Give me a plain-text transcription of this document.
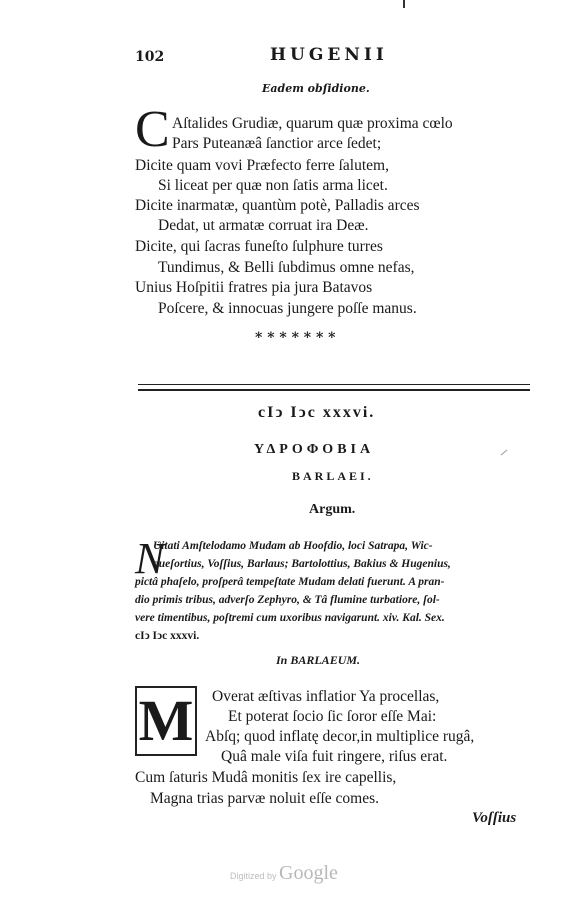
102	HUGENII
Eadem obſidione.
C Aſtalides Grudiæ, quarum quæ proxima cœlo
Pars Puteanæâ ſanctior arce ſedet;
Dicite quam vovi Præfecto ferre ſalutem,
Si liceat per quæ non ſatis arma licet.
Dicite inarmatæ, quantùm potè, Palladis arces
Dedat, ut armatæ corruat ira Deæ.
Dicite, qui ſacras funeſto ſulphure turres
Tundimus, & Belli ſubdimus omne nefas,
Unius Hoſpitii fratres pia jura Batavos
Poſcere, & innocuas jungere poſſe manus.
* * * * * * *
cIↄ Iↄc xxxvi.
ΥΔΡΟΦΟΒΙΑ
BARLAEI.
Argum.
N
Ʋitati Amſtelodamo Mudam ab Hoofdio, loci Satrapa, Wic-
queſortius, Voſſius, Barlaus; Bartolottius, Bakius & Hugenius,
pictâ phaſelo, proſperâ tempeſtate Mudam delati fuerunt. A pran-
dio primis tribus, adverſo Zephyro, & Tâ flumine turbatiore, ſol-
vere timentibus, poſtremi cum uxoribus navigarunt. xiv. Kal. Sex.
cIↄ Iↄc xxxvi.
In BARLAEUM.
M Overat æſtivas inflatior Ya procellas,
Et poterat ſocio ſic ſoror eſſe Mai:
Abſq; quod inflatę decor,in multiplice rugâ,
Quâ male viſa fuit ringere, riſus erat.
Cum ſaturis Mudâ monitis ſex ire capellis,
Magna trias parvæ noluit eſſe comes.
Voſſius
Digitized by Google
